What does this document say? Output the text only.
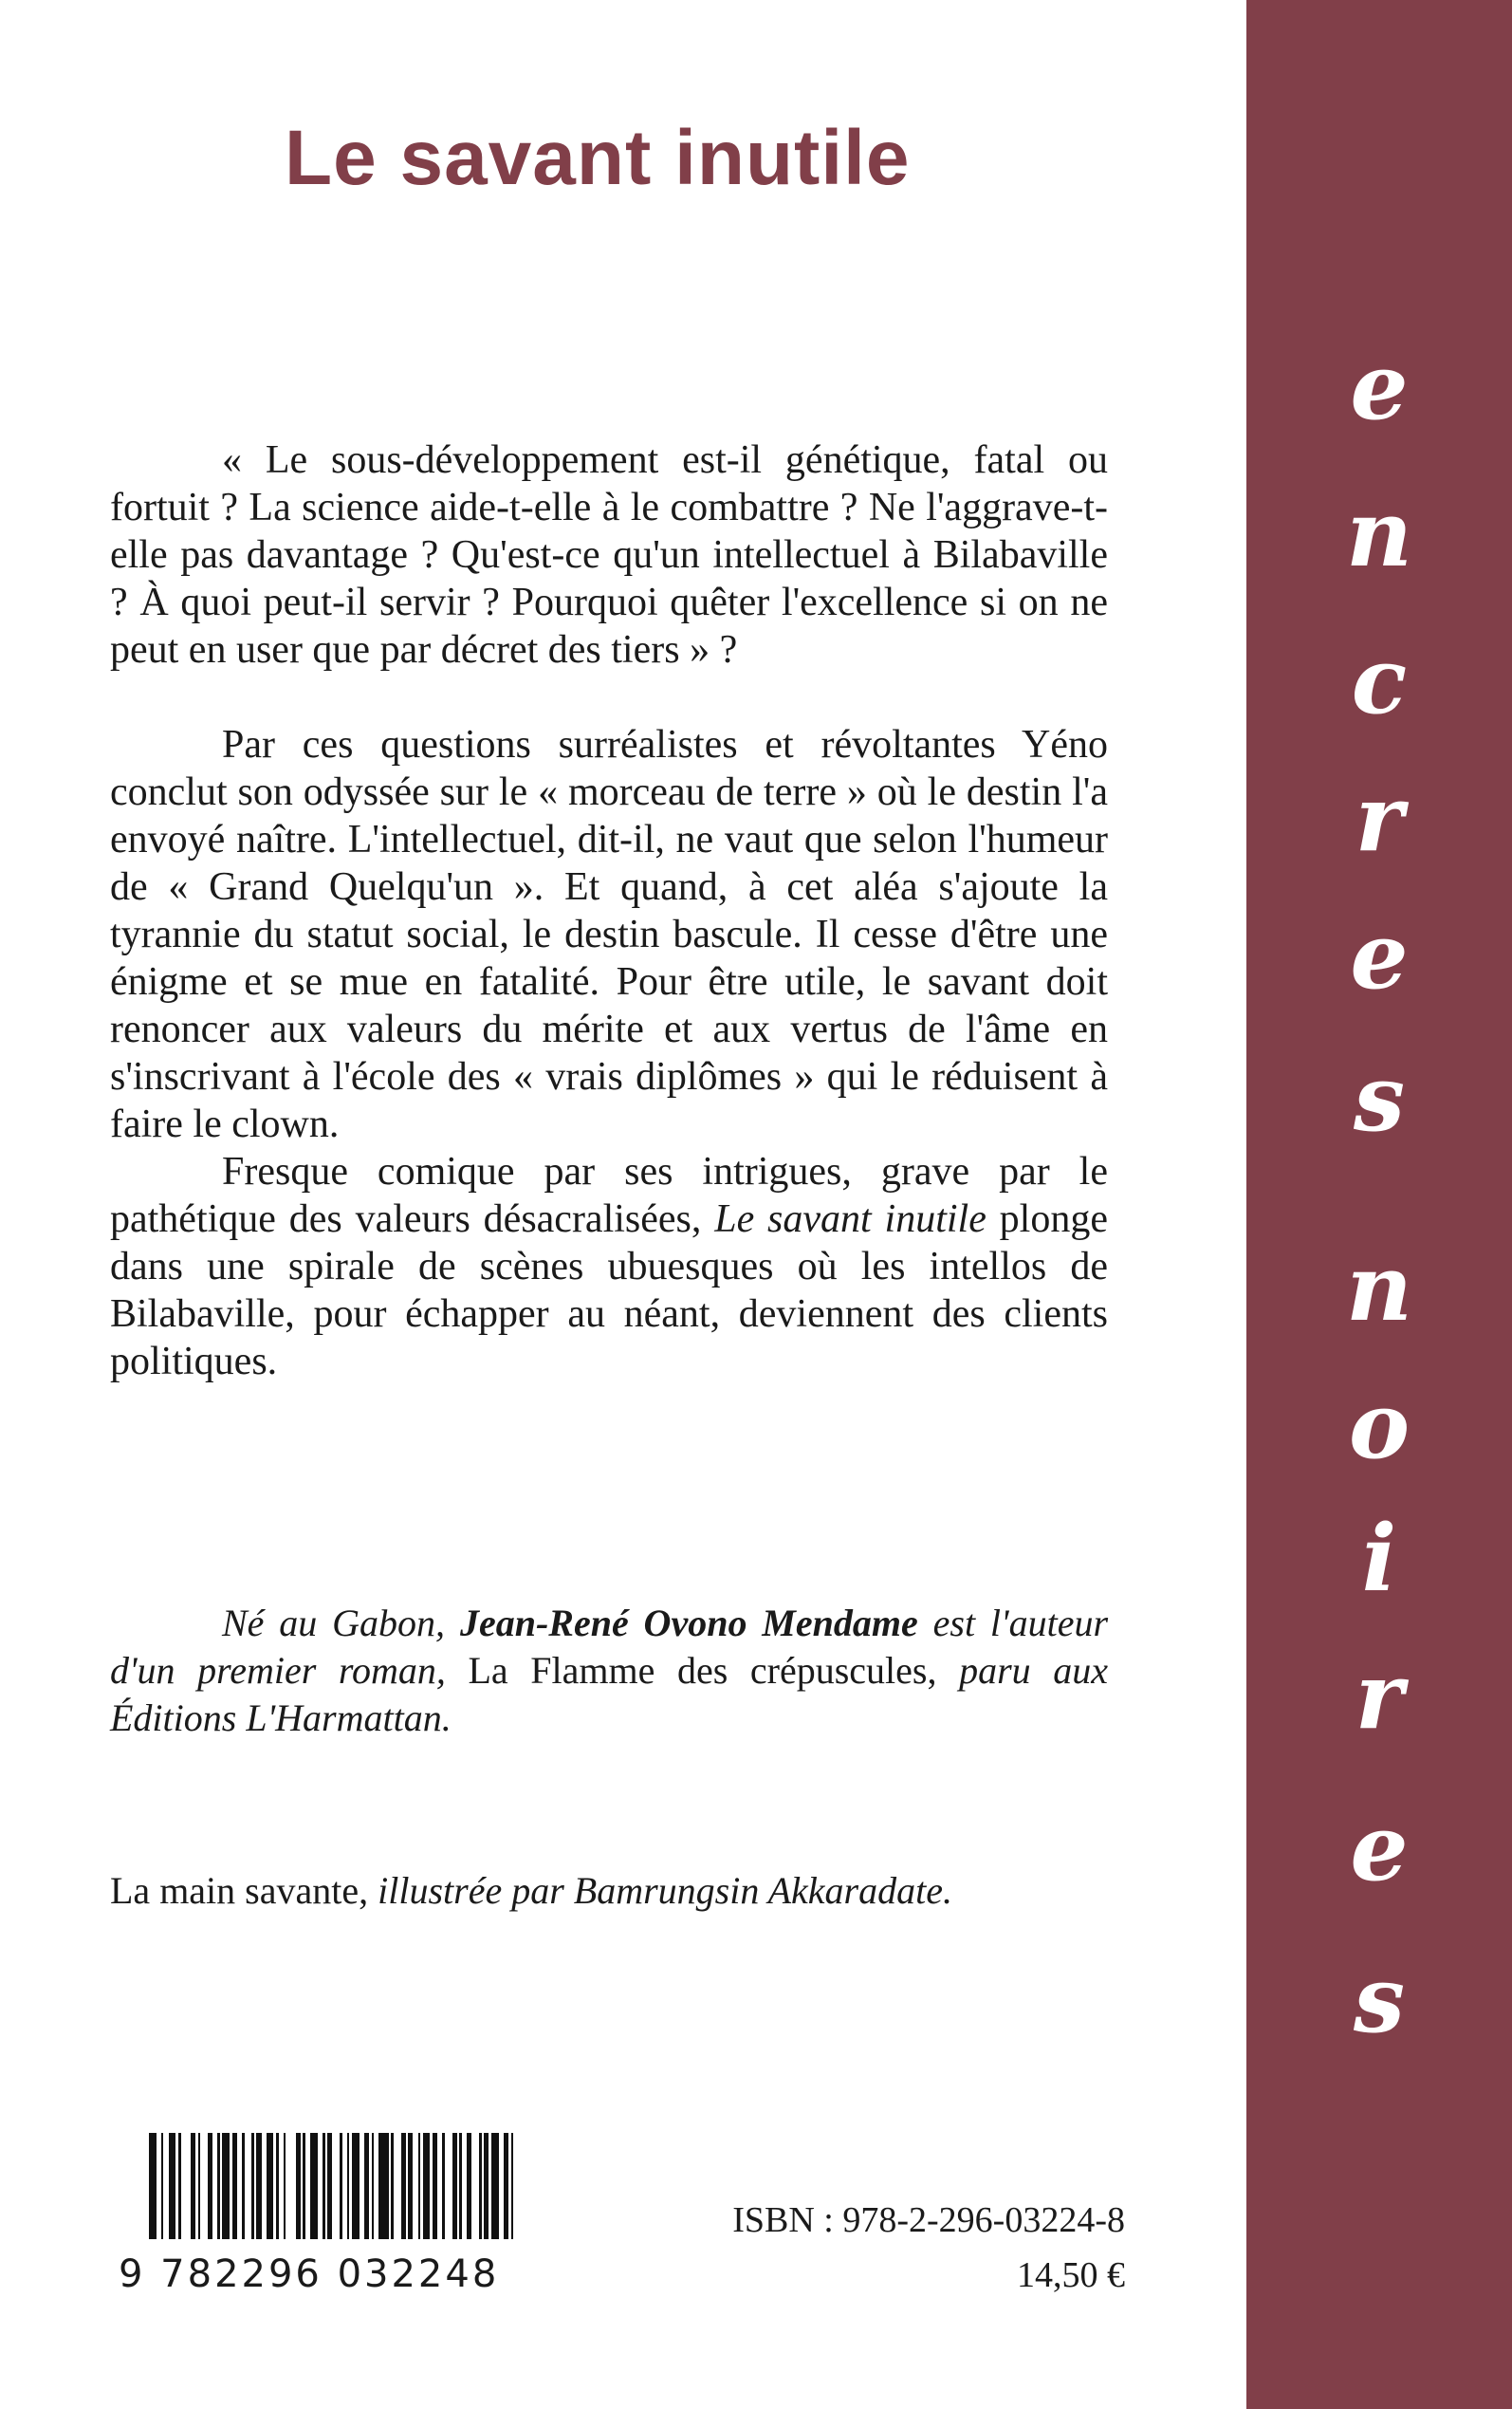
e
n
c
r
e
s
n
o
i
r
e
s
Le savant inutile

« Le sous-développement est-il génétique, fatal ou fortuit ? La science aide-t-elle à le combattre ? Ne l'aggrave-t-elle pas davantage ? Qu'est-ce qu'un intellectuel à Bilabaville ? À quoi peut-il servir ? Pourquoi quêter l'excellence si on ne peut en user que par décret des tiers » ?

Par ces questions surréalistes et révoltantes Yéno conclut son odyssée sur le « morceau de terre » où le destin l'a envoyé naître. L'intellectuel, dit-il, ne vaut que selon l'humeur de « Grand Quelqu'un ». Et quand, à cet aléa s'ajoute la tyrannie du statut social, le destin bascule. Il cesse d'être une énigme et se mue en fatalité. Pour être utile, le savant doit renoncer aux valeurs du mérite et aux vertus de l'âme en s'inscrivant à l'école des « vrais diplômes » qui le réduisent à faire le clown.

Fresque comique par ses intrigues, grave par le pathétique des valeurs désacralisées, Le savant inutile plonge dans une spirale de scènes ubuesques où les intellos de Bilabaville, pour échapper au néant, deviennent des clients politiques.

Né au Gabon, Jean-René Ovono Mendame est l'auteur d'un premier roman, La Flamme des crépuscules, paru aux Éditions L'Harmattan.

La main savante, illustrée par Bamrungsin Akkaradate.
9 782296 032248
ISBN : 978-2-296-03224-8
14,50 €
